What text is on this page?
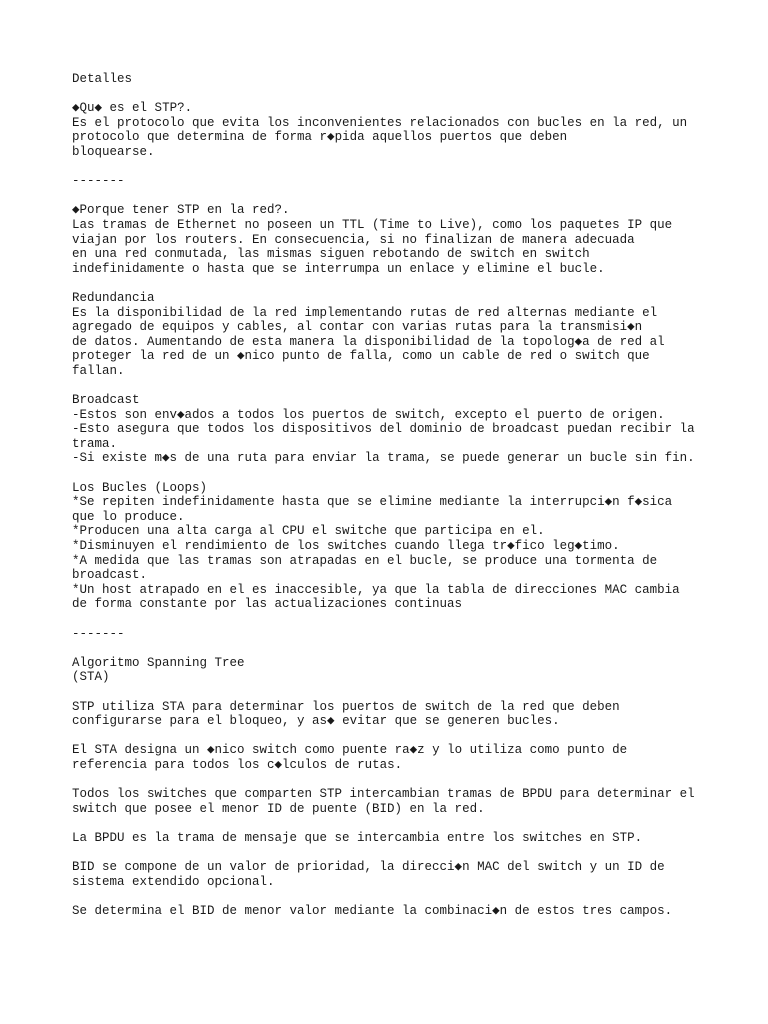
Detalles

◆Qu◆ es el STP?.
Es el protocolo que evita los inconvenientes relacionados con bucles en la red, un
protocolo que determina de forma r◆pida aquellos puertos que deben
bloquearse.

-------

◆Porque tener STP en la red?.
Las tramas de Ethernet no poseen un TTL (Time to Live), como los paquetes IP que
viajan por los routers. En consecuencia, si no finalizan de manera adecuada
en una red conmutada, las mismas siguen rebotando de switch en switch
indefinidamente o hasta que se interrumpa un enlace y elimine el bucle.

Redundancia
Es la disponibilidad de la red implementando rutas de red alternas mediante el
agregado de equipos y cables, al contar con varias rutas para la transmisi◆n
de datos. Aumentando de esta manera la disponibilidad de la topolog◆a de red al
proteger la red de un ◆nico punto de falla, como un cable de red o switch que
fallan.

Broadcast
-Estos son env◆ados a todos los puertos de switch, excepto el puerto de origen.
-Esto asegura que todos los dispositivos del dominio de broadcast puedan recibir la
trama.
-Si existe m◆s de una ruta para enviar la trama, se puede generar un bucle sin fin.

Los Bucles (Loops)
*Se repiten indefinidamente hasta que se elimine mediante la interrupci◆n f◆sica
que lo produce.
*Producen una alta carga al CPU el switche que participa en el.
*Disminuyen el rendimiento de los switches cuando llega tr◆fico leg◆timo.
*A medida que las tramas son atrapadas en el bucle, se produce una tormenta de
broadcast.
*Un host atrapado en el es inaccesible, ya que la tabla de direcciones MAC cambia
de forma constante por las actualizaciones continuas

-------

Algoritmo Spanning Tree
(STA)

STP utiliza STA para determinar los puertos de switch de la red que deben
configurarse para el bloqueo, y as◆ evitar que se generen bucles.

El STA designa un ◆nico switch como puente ra◆z y lo utiliza como punto de
referencia para todos los c◆lculos de rutas.

Todos los switches que comparten STP intercambian tramas de BPDU para determinar el
switch que posee el menor ID de puente (BID) en la red.

La BPDU es la trama de mensaje que se intercambia entre los switches en STP.

BID se compone de un valor de prioridad, la direcci◆n MAC del switch y un ID de
sistema extendido opcional.

Se determina el BID de menor valor mediante la combinaci◆n de estos tres campos.
